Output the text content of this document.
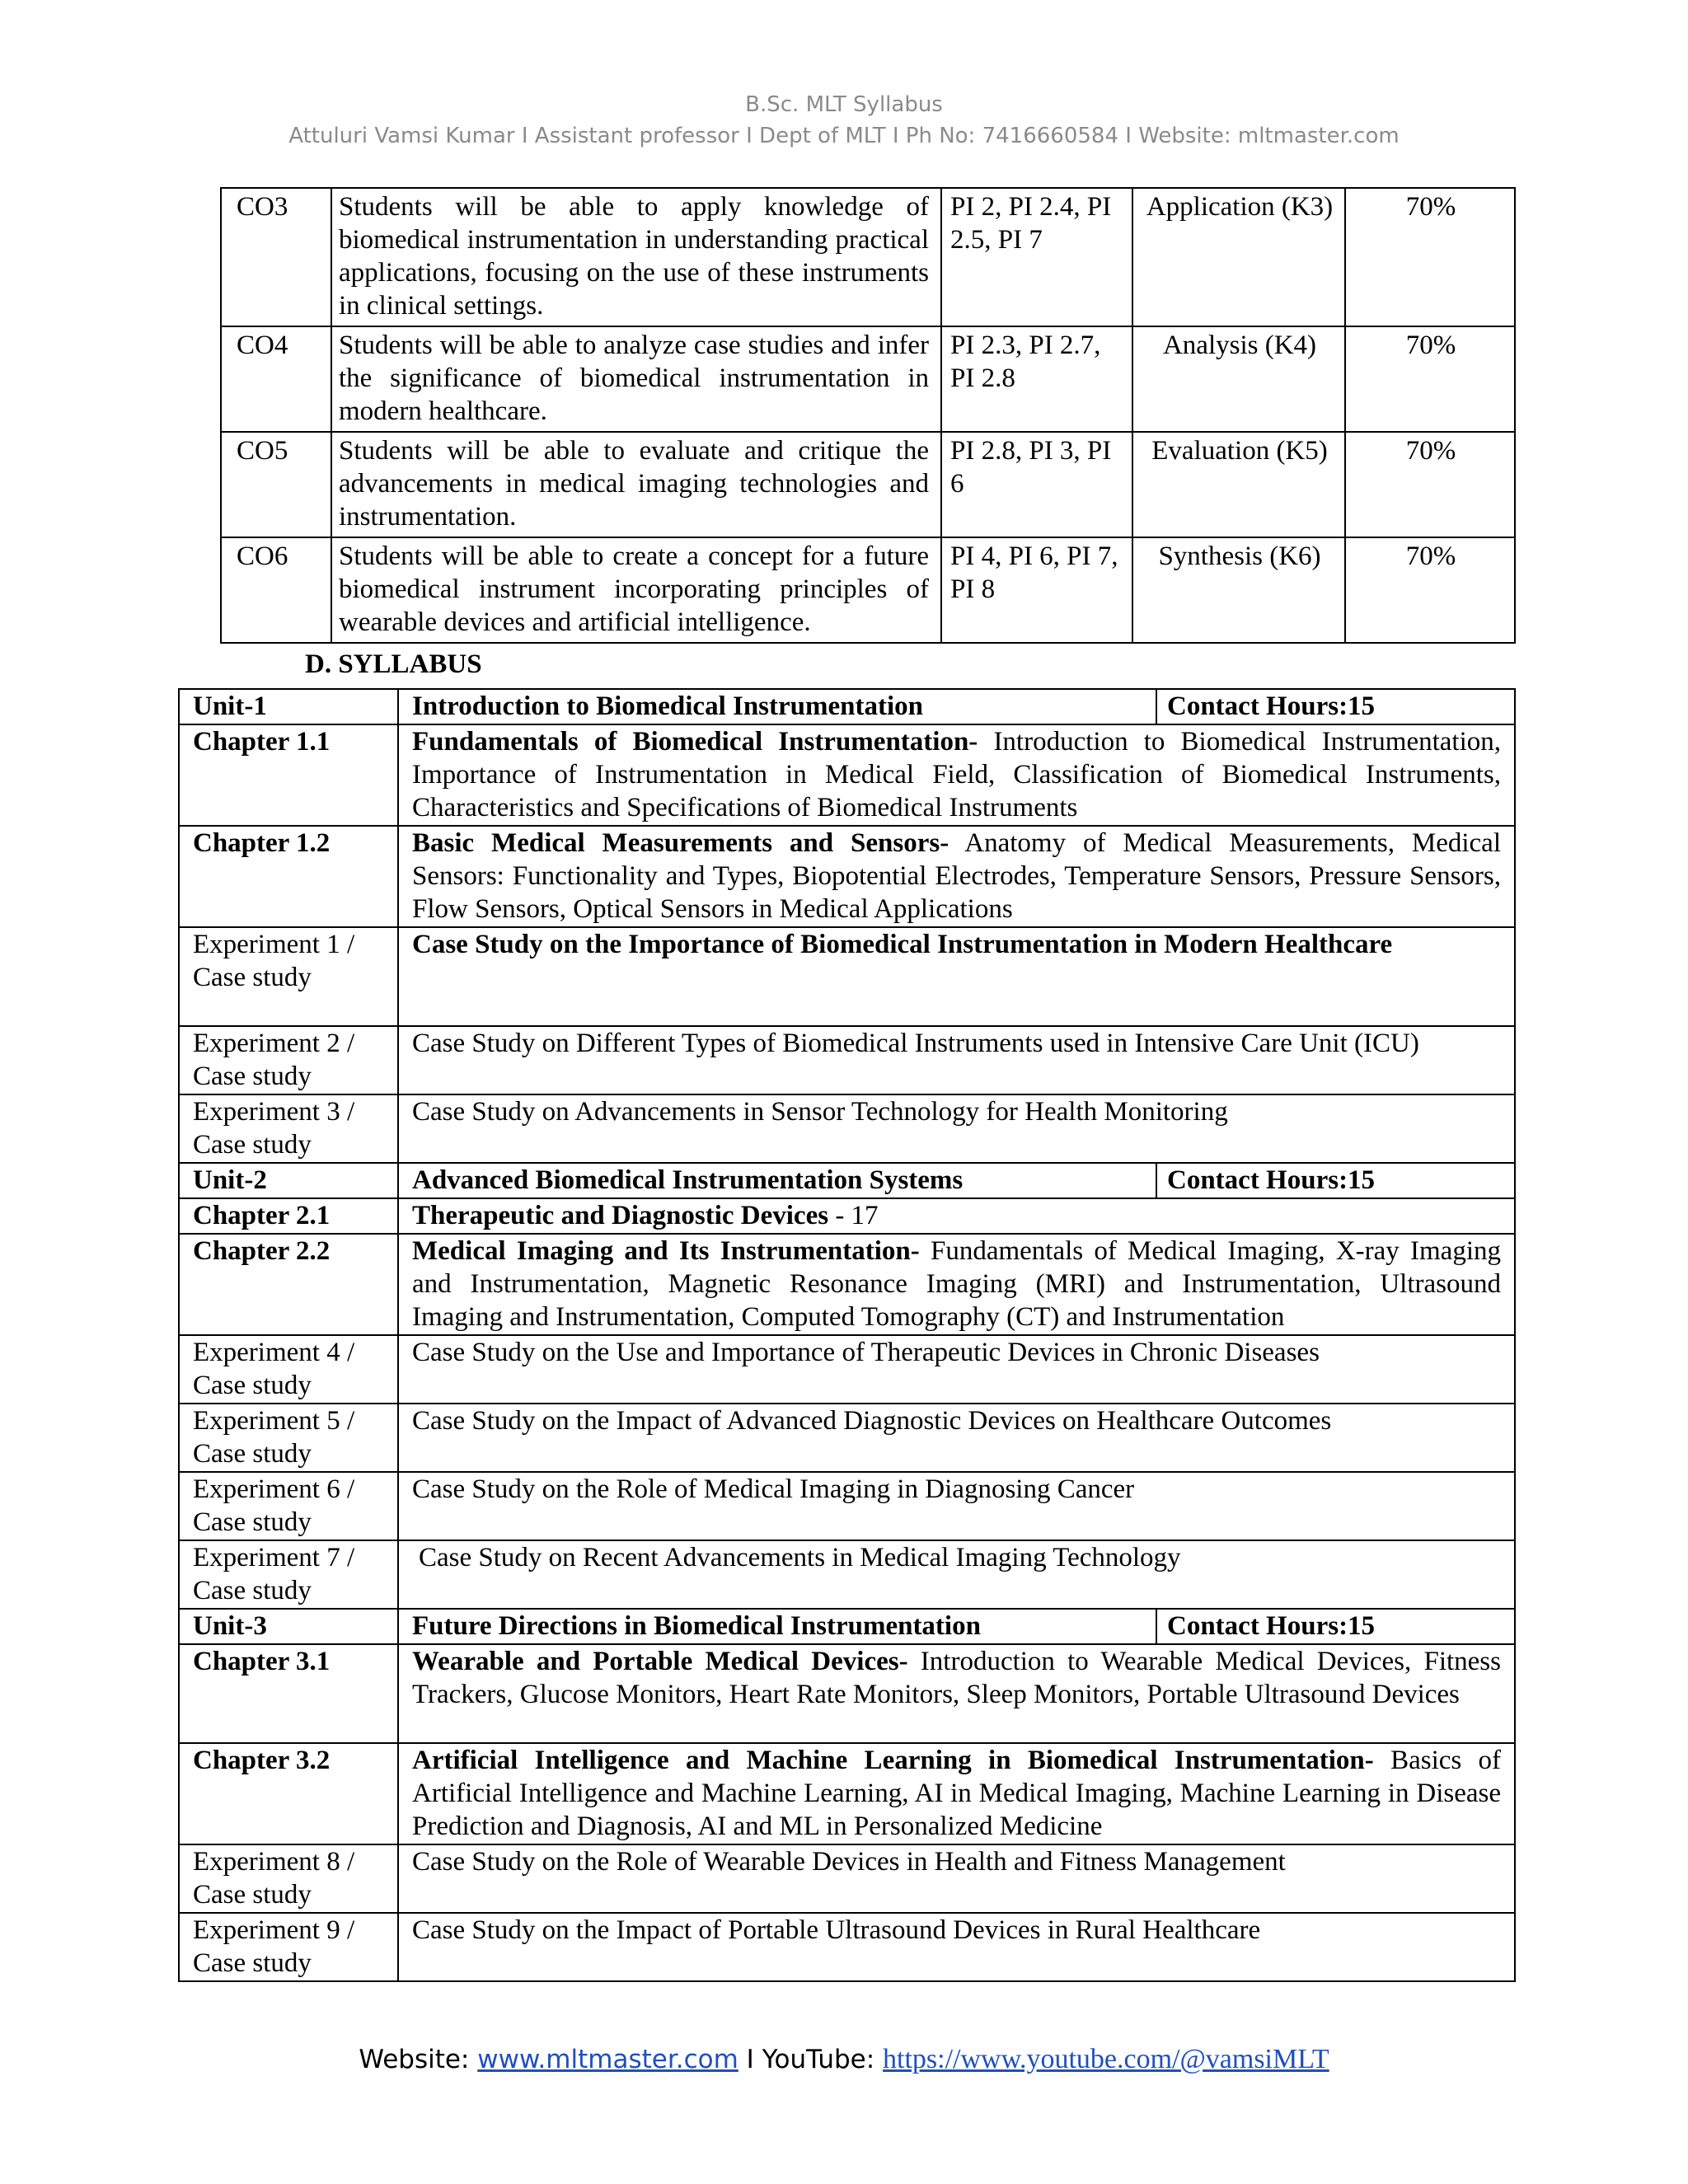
B.Sc. MLT Syllabus
Attuluri Vamsi Kumar I Assistant professor I Dept of MLT I Ph No: 7416660584 I Website: mltmaster.com
CO3	Students will be able to apply knowledge of biomedical instrumentation in understanding practical applications, focusing on the use of these instruments in clinical settings.	PI 2, PI 2.4, PI 2.5, PI 7	Application (K3)	70%
CO4	Students will be able to analyze case studies and infer the significance of biomedical instrumentation in modern healthcare.	PI 2.3, PI 2.7, PI 2.8	Analysis (K4)	70%
CO5	Students will be able to evaluate and critique the advancements in medical imaging technologies and instrumentation.	PI 2.8, PI 3, PI 6	Evaluation (K5)	70%
CO6	Students will be able to create a concept for a future biomedical instrument incorporating principles of wearable devices and artificial intelligence.	PI 4, PI 6, PI 7, PI 8	Synthesis (K6)	70%
D. SYLLABUS
Unit-1	Introduction to Biomedical Instrumentation	Contact Hours:15
Chapter 1.1	Fundamentals of Biomedical Instrumentation- Introduction to Biomedical Instrumentation, Importance of Instrumentation in Medical Field, Classification of Biomedical Instruments, Characteristics and Specifications of Biomedical Instruments	
Chapter 1.2	Basic Medical Measurements and Sensors- Anatomy of Medical Measurements, Medical Sensors: Functionality and Types, Biopotential Electrodes, Temperature Sensors, Pressure Sensors, Flow Sensors, Optical Sensors in Medical Applications	
Experiment 1 / Case study	Case Study on the Importance of Biomedical Instrumentation in Modern Healthcare	
Experiment 2 / Case study	Case Study on Different Types of Biomedical Instruments used in Intensive Care Unit (ICU)	
Experiment 3 / Case study	Case Study on Advancements in Sensor Technology for Health Monitoring	
Unit-2	Advanced Biomedical Instrumentation Systems	Contact Hours:15
Chapter 2.1	Therapeutic and Diagnostic Devices - 17	
Chapter 2.2	Medical Imaging and Its Instrumentation- Fundamentals of Medical Imaging, X-ray Imaging and Instrumentation, Magnetic Resonance Imaging (MRI) and Instrumentation, Ultrasound Imaging and Instrumentation, Computed Tomography (CT) and Instrumentation	
Experiment 4 / Case study	Case Study on the Use and Importance of Therapeutic Devices in Chronic Diseases	
Experiment 5 / Case study	Case Study on the Impact of Advanced Diagnostic Devices on Healthcare Outcomes	
Experiment 6 / Case study	Case Study on the Role of Medical Imaging in Diagnosing Cancer	
Experiment 7 / Case study	Case Study on Recent Advancements in Medical Imaging Technology	
Unit-3	Future Directions in Biomedical Instrumentation	Contact Hours:15
Chapter 3.1	Wearable and Portable Medical Devices- Introduction to Wearable Medical Devices, Fitness Trackers, Glucose Monitors, Heart Rate Monitors, Sleep Monitors, Portable Ultrasound Devices	
Chapter 3.2	Artificial Intelligence and Machine Learning in Biomedical Instrumentation- Basics of Artificial Intelligence and Machine Learning, AI in Medical Imaging, Machine Learning in Disease Prediction and Diagnosis, AI and ML in Personalized Medicine	
Experiment 8 / Case study	Case Study on the Role of Wearable Devices in Health and Fitness Management	
Experiment 9 / Case study	Case Study on the Impact of Portable Ultrasound Devices in Rural Healthcare	
Website: www.mltmaster.com I YouTube: https://www.youtube.com/@vamsiMLT
